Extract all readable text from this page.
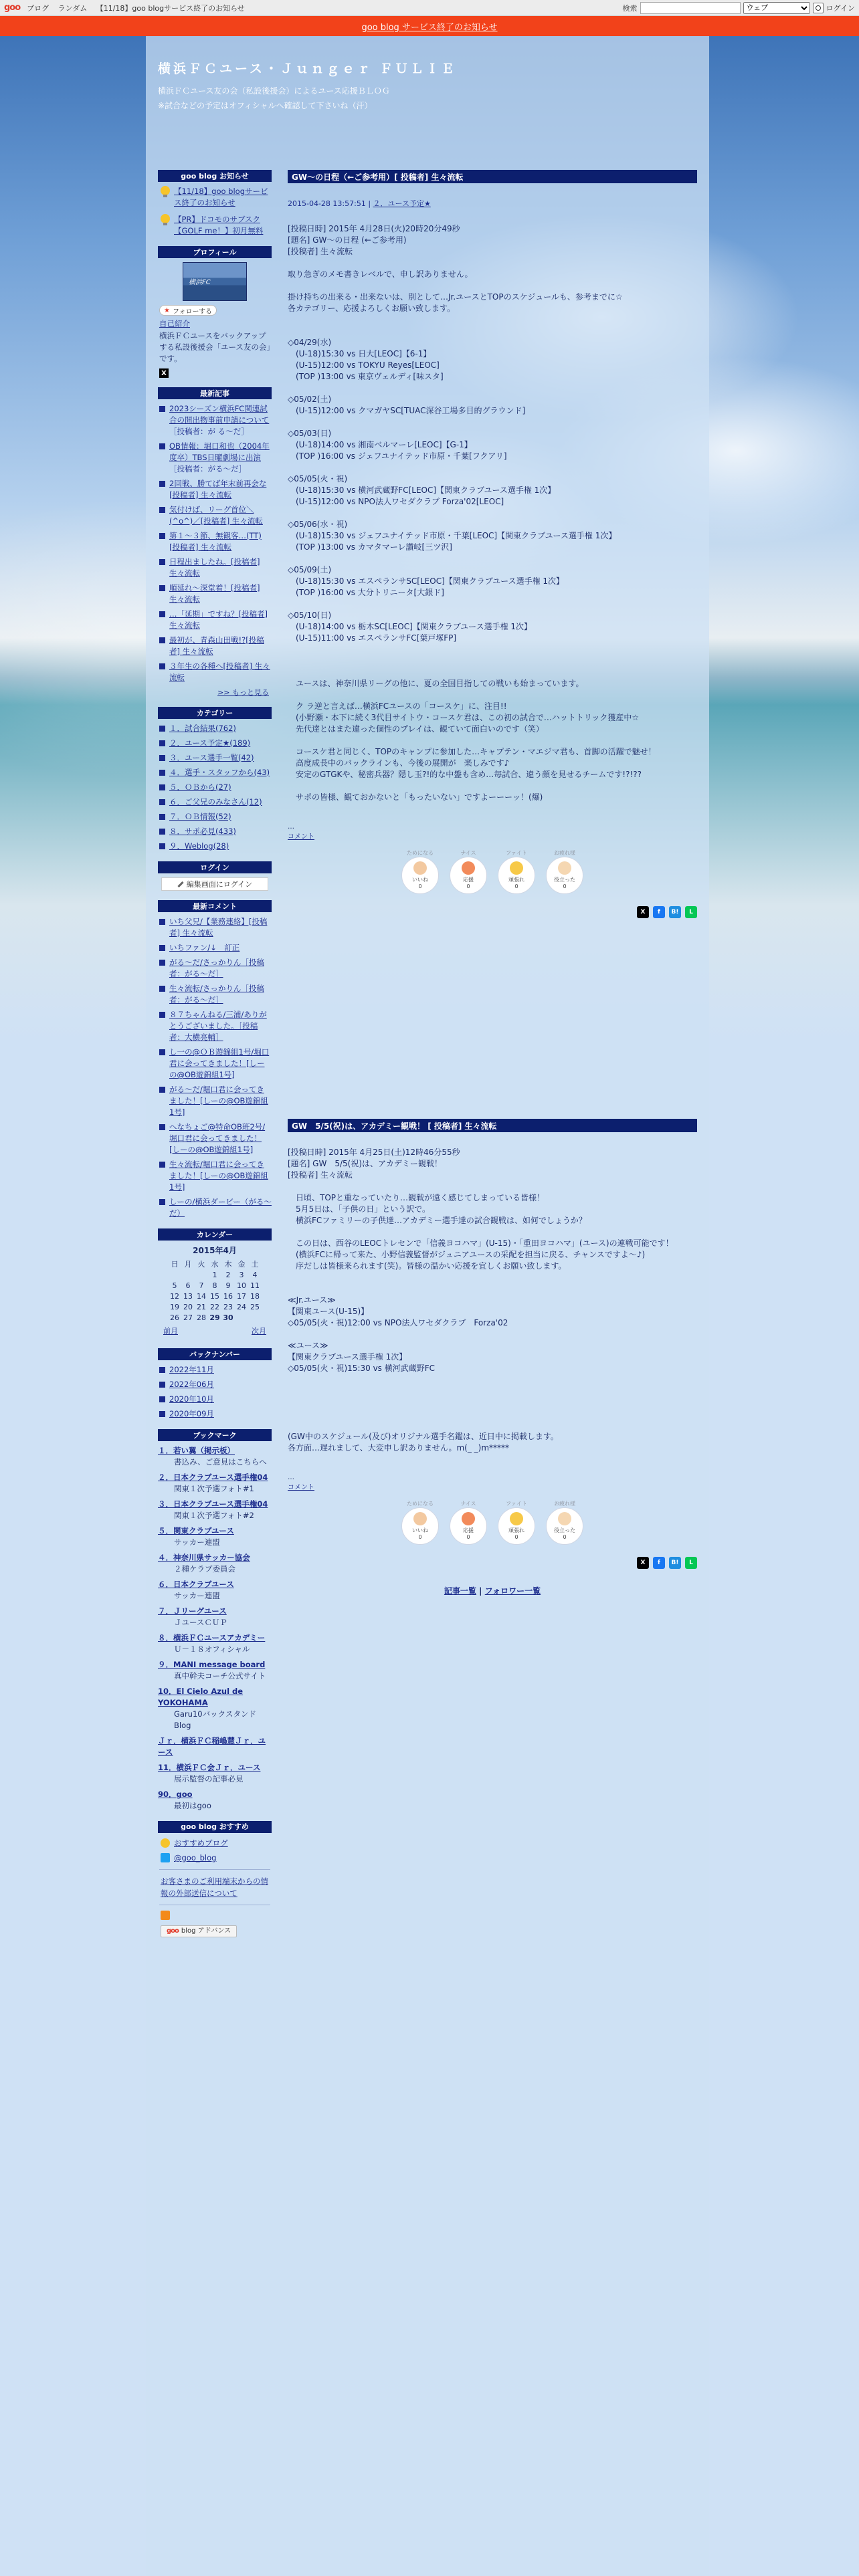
goo ブログ ランダム 【11/18】goo blogサービス終了のお知らせ	検索
ウェブ	ログイン
goo blog サービス終了のお知らせ
横浜ＦＣユース・Ｊｕｎｇｅｒ ＦＵＬＩＥ
横浜ＦＣユース友の会（私設後援会）によるユース応援ＢＬＯＧ
※試合などの予定はオフィシャルへ確認して下さいね（汗）
goo blog お知らせ
【11/18】goo blogサービス終了のお知らせ
【PR】ドコモのサブスク【GOLF me！】初月無料
プロフィール
横浜FC
★ フォローする
自己紹介
横浜ＦＣユースをバックアップする私設後援会「ユース友の会」です。
X
最新記事
2023シーズン横浜FC関連試合の開出物事前申請について ［投稿者：が る〜だ］
OB情報：堀口和也（2004年度卒）TBS日曜劇場に出演 ［投稿者：がる〜だ］
2回戦、勝てば年末前再会な[投稿者] 生々流転
気付けば、リーグ首位＼(^o^)／[投稿者] 生々流転
第１〜３節、無観客…(TT)[投稿者] 生々流転
日程出ましたね。[投稿者] 生々流転
順延れ〜深堂着！[投稿者] 生々流転
…「延期」ですね？[投稿者] 生々流転
最初が、青森山田戦!?[投稿者] 生々流転
３年生の各種ヘ[投稿者] 生々流転
>> もっと見る
カテゴリー
１．試合結果(762)
２．ユース予定★(189)
３．ユース選手一覧(42)
４．選手・スタッフから(43)
５．ＯＢから(27)
６．ご父兄のみなさん(12)
７．ＯＢ情報(52)
８．サポ必見(433)
９．Weblog(28)
ログイン
編集画面にログイン
最新コメント
いち父兄/【業務連絡】[投稿者] 生々流転
いちファン/↓　訂正
がる〜だ/さっかりん［投稿者：がる〜だ］
生々流転/さっかりん［投稿者：がる〜だ］
８７ちゃんねる/三浦/ありがとうございました。［投稿者：大横亮輔］
し一の@ＯＢ遊錦組1号/堀口君に会ってきました！[しーの@OB遊錦組1号]
がる〜だ/堀口君に会ってきました！[しーの@OB遊錦組1号]
へなちょご@特命OB班2号/堀口君に会ってきました！[しーの@OB遊錦組1号]
生々流転/堀口君に会ってきました！[しーの@OB遊錦組1号]
しーの/横浜ダービー（がる〜だ）
カレンダー
2015年4月
日	月	火	水	木	金	土
			1	2	3	4
5	6	7	8	9	10	11
12	13	14	15	16	17	18
19	20	21	22	23	24	25
26	27	28	29	30		
前月	次月
バックナンバー
2022年11月
2022年06月
2020年10月
2020年09月
ブックマーク
１．若い翼（掲示板）
書込み、ご意見はこちらへ
２．日本クラブユース選手権04
関東１次予選フォト#1
３．日本クラブユース選手権04
関東１次予選フォト#2
５．関東クラブユース
サッカー連盟
４．神奈川県サッカー協会
２種ケラブ委員会
６．日本クラブユース
サッカー連盟
７．Ｊリーグユース
ＪユースＣＵＰ
８．横浜ＦＣユースアカデミー
Ｕ－１８オフィシャル
９．MANI message board
真中幹夫コーチ公式サイト
10．El Cielo Azul de YOKOHAMA
Garu10バックスタンドBlog
Ｊｒ．横浜ＦＣ稲嶋慧Ｊｒ．ユース
11．横浜ＦＣ会Ｊｒ．ユース
展示監督の記事必見
90．goo
最初はgoo
goo blog おすすめ
おすすめブログ
@goo_blog
お客さまのご利用端末からの情報の外部送信について
goo blog アドバンス
GW〜の日程（←ご参考用）[ 投稿者] 生々流転
2015-04-28 13:57:51 | ２．ユース予定★
[投稿日時] 2015年 4月28日(火)20時20分49秒
[題名] GW〜の日程 (←ご参考用)
[投稿者] 生々流転

取り急ぎのメモ書きレベルで、申し訳ありません。

掛け持ちの出来る・出来ないは、別として…Jr.ユースとTOPのスケジュールも、参考までに☆
各カテゴリー、応援よろしくお願い致します。

◇04/29(水)
　(U-18)15:30 vs 日大[LEOC]【6-1】
　(U-15)12:00 vs TOKYU Reyes[LEOC]
　(TOP )13:00 vs 東京ヴェルディ[味スタ]

◇05/02(土)
　(U-15)12:00 vs クマガヤSC[TUAC深谷工場多目的グラウンド]

◇05/03(日)
　(U-18)14:00 vs 湘南ベルマーレ[LEOC]【G-1】
　(TOP )16:00 vs ジェフユナイテッド市原・千葉[フクアリ]

◇05/05(火・祝)
　(U-18)15:30 vs 横河武蔵野FC[LEOC]【関東クラブユース選手権 1次】
　(U-15)12:00 vs NPO法人ワセダクラブ Forza'02[LEOC]

◇05/06(水・祝)
　(U-18)15:30 vs ジェフユナイテッド市原・千葉[LEOC]【関東クラブユース選手権 1次】
　(TOP )13:00 vs カマタマーレ讃岐[三ツ沢]

◇05/09(土)
　(U-18)15:30 vs エスペランサSC[LEOC]【関東クラブユース選手権 1次】
　(TOP )16:00 vs 大分トリニータ[大銀ド]

◇05/10(日)
　(U-18)14:00 vs 栃木SC[LEOC]【関東クラブユース選手権 1次】
　(U-15)11:00 vs エスペランサFC[葉戸塚FP]

　ユースは、神奈川県リーグの他に、夏の全国目指しての戦いも始まっています。

　ク ラ逆と言えば…横浜FCユースの「コースケ」に、注目!!
　(小野瀬・本下に続く3代目サイトウ・コースケ君は、この初の試合で…ハットトリック獲産中☆
　先代達とはまた違った個性のプレイは、観ていて面白いのです（笑）

　コースケ君と同じく、TOPのキャンプに参加した…キャプテン・マエジマ君も、首脚の活躍で魅せ！
　高度成長中のバックラインも、今後の展開が　楽しみです♪
　安定のGTGKや、秘密兵器？隠し玉?!的な中盤も含め…毎試合、違う顔を見せるチームです!?!??

　サポの皆様、観ておかないと「もったいない」ですよーーーッ！(爆)
…
コメント
ためになる
いいね
0
ナイス
応援
0
ファイト
頑張れ
0
お疲れ様
役立った
0
X	f	B!	L
GW　5/5(祝)は、アカデミー観戦！ [ 投稿者] 生々流転
[投稿日時] 2015年 4月25日(土)12時46分55秒
[題名] GW　5/5(祝)は、アカデミー観戦！
[投稿者] 生々流転

　日頃、TOPと重なっていたり…観戦が遠く感じてしまっている皆様！
　5月5日は、「子供の日」という訳で。
　横浜FCファミリーの子供達…アカデミー選手達の試合観戦は、如何でしょうか？

　この日は、西谷のLEOCトレセンで「信義ヨコハマ」(U-15)・「重田ヨコハマ」(ユース)の連戦可能です！
　(横浜FCに帰って来た、小野信義監督がジュニアユースの采配を担当に戻る、チャンスですよ〜♪)
　序だしは皆様来られます(笑)。皆様の温かい応援を宜しくお願い致します。

≪Jr.ユース≫
【関東ユース(U-15)】
◇05/05(火・祝)12:00 vs NPO法人ワセダクラブ　Forza'02

≪ユース≫
【関東クラブユース選手権 1次】
◇05/05(火・祝)15:30 vs 横河武蔵野FC

(GW中のスケジュール(及び)オリジナル選手名鑑は、近日中に掲載します。
各方面…遅れまして、大変申し訳ありません。m(_ _)m*****
…
コメント
ためになる
いいね
0
ナイス
応援
0
ファイト
頑張れ
0
お疲れ様
役立った
0
X	f	B!	L
記事一覧 | フォロワー一覧
